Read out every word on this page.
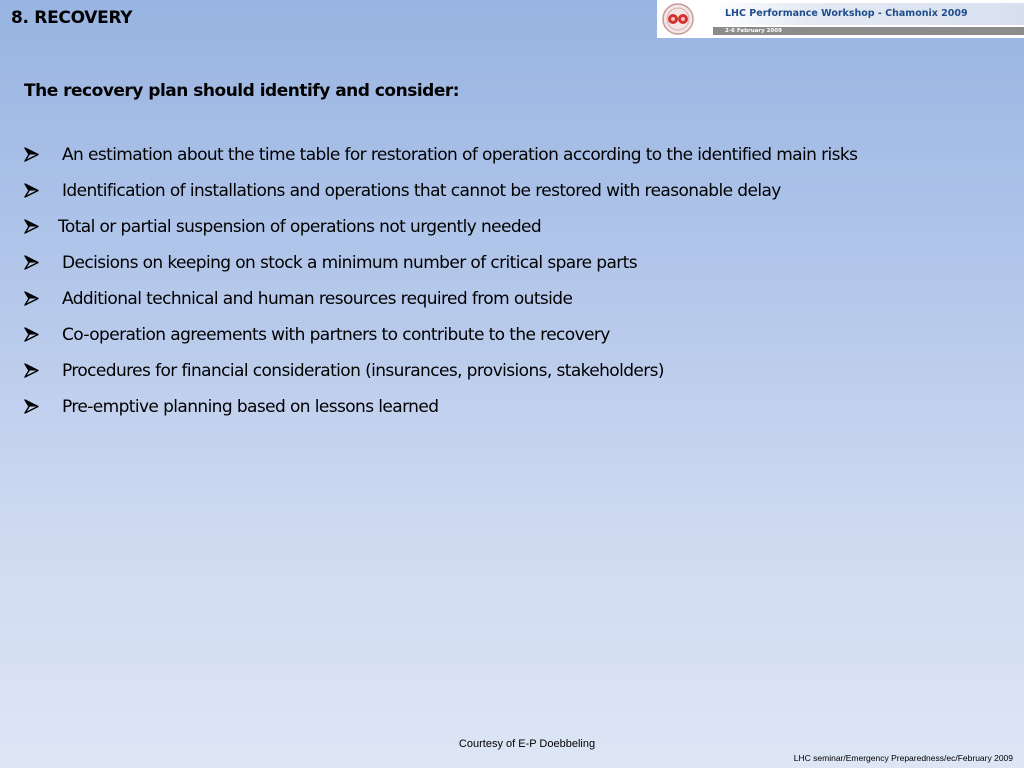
8. RECOVERY	LHC Performance Workshop - Chamonix 2009
2-6 February 2009
The recovery plan should identify and consider:
An estimation about the time table for restoration of operation according to the identified main risks
Identification of installations and operations that cannot be restored with reasonable delay
Total or partial suspension of operations not urgently needed
Decisions on keeping on stock a minimum number of critical spare parts
Additional technical and human resources required from outside
Co-operation agreements with partners to contribute to the recovery
Procedures for financial consideration (insurances, provisions, stakeholders)
Pre-emptive planning based on lessons learned
Courtesy of E-P Doebbeling
LHC seminar/Emergency Preparedness/ec/February 2009
